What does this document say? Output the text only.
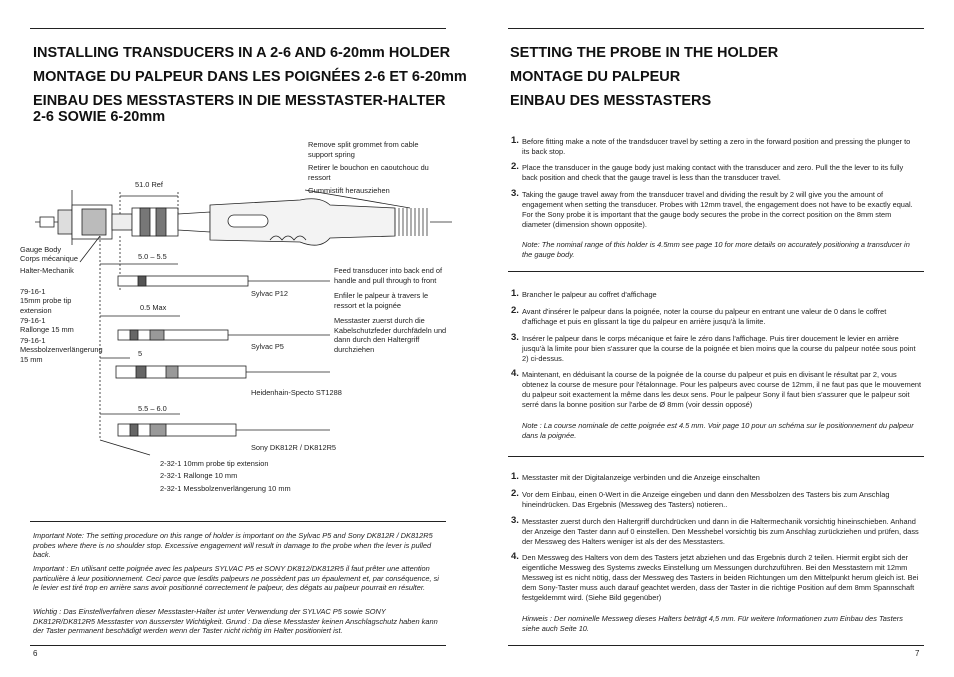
INSTALLING TRANSDUCERS IN A 2-6 AND 6-20mm HOLDER
MONTAGE DU PALPEUR DANS LES POIGNÉES 2-6 ET 6-20mm
EINBAU DES MESSTASTERS IN DIE MESSTASTER-HALTER
2-6 SOWIE 6-20mm
Remove split grommet from cable support spring
Retirer le bouchon en caoutchouc du ressort
Gummistift herausziehen
51.0 Ref
Gauge Body
Corps mécanique
Halter-Mechanik
5.0 – 5.5
Feed transducer into back end of handle and pull through to front
Enfiler le palpeur à travers le ressort et la poignée
Messtaster zuerst durch die Kabelschutzfeder durchfädeln und dann durch den Haltergriff durchziehen
79-16-1
15mm probe tip extension
79-16-1
Rallonge 15 mm
79-16-1
Messbolzenverlängerung 15 mm
Sylvac P12
0.5 Max
Sylvac P5
5
Heidenhain-Specto ST1288
5.5 – 6.0
Sony DK812R / DK812R5
2-32-1 10mm probe tip extension
2-32-1 Rallonge 10 mm
2-32-1 Messbolzenverlängerung 10 mm
Important Note: The setting procedure on this range of holder is important on the Sylvac P5 and Sony DK812R / DK812R5 probes where there is no shoulder stop. Excessive engagement will result in damage to the probe when the lever is pulled back.
Important : En utilisant cette poignée avec les palpeurs SYLVAC P5 et SONY DK812/DK812R5 il faut prêter une attention particulière à leur positionnement. Ceci parce que lesdits palpeurs ne possèdent pas un épaulement et, par conséquence, si le levier est tiré trop en arrière sans avoir positionné correctement le palpeur, des dégats au palpeur pourrait en résulter.
Wichtig : Das Einstellverfahren dieser Messtaster-Halter ist unter Verwendung der SYLVAC P5 sowie SONY DK812R/DK812R5 Messtaster von äusserster Wichtigkeit. Grund : Da diese Messtaster keinen Anschlagschutz haben kann der Taster permanent beschädigt werden wenn der Taster nicht richtig im Halter positioniert ist.
6
SETTING THE PROBE IN THE HOLDER
MONTAGE DU PALPEUR
EINBAU DES MESSTASTERS
1. Before fitting make a note of the trandsducer travel by setting a zero in the forward position and pressing the plunger to its back stop.
2. Place the transducer in the gauge body just making contact with the transducer and zero. Pull the the lever to its fully back position and check that the gauge travel is less than the transducer travel.
3. Taking the gauge travel away from the transducer travel and dividing the result by 2 will give you the amount of engagement when setting the transducer. Probes with 12mm travel, the engagement does not have to be exactly equal. For the Sony probe it is important that the gauge body secures the probe in the correct position on the 8mm stem diameter (dimension shown opposite).
Note: The nominal range of this holder is 4.5mm see page 10 for more details on accurately positioning a transducer in the gauge body.
1. Brancher le palpeur au coffret d'affichage
2. Avant d'insérer le palpeur dans la poignée, noter la course du palpeur en entrant une valeur de 0 dans le coffret d'affichage et puis en glissant la tige du palpeur en arrière jusqu'à la limite.
3. Insérer le palpeur dans le corps mécanique et faire le zéro dans l'affichage. Puis tirer doucement le levier en arrière jusqu'à la limite pour bien s'assurer que la course de la poignée et bien moins que la course du palpeur notée sous point 2) ci-dessus.
4. Maintenant, en déduisant la course de la poignée de la course du palpeur et puis en divisant le résultat par 2, vous obtenez la course de mesure pour l'étalonnage. Pour les palpeurs avec course de 12mm, il ne faut pas que le mouvement du palpeur soit exactement la même dans les deux sens. Pour le palpeur Sony il faut bien s'assurer que le palpeur soit serré dans la bonne position sur l'arbe de Ø 8mm (voir dessin opposé)
Note : La course nominale de cette poignée est 4.5 mm. Voir page 10 pour un schéma sur le positionnement du palpeur dans la poignée.
1. Messtaster mit der Digitalanzeige verbinden und die Anzeige einschalten
2. Vor dem Einbau, einen 0-Wert in die Anzeige eingeben und dann den Messbolzen des Tasters bis zum Anschlag hineindrücken. Das Ergebnis (Messweg des Tasters) notieren..
3. Messtaster zuerst durch den Haltergriff durchdrücken und dann in die Haltermechanik vorsichtig hineinschieben. Anhand der Anzeige den Taster dann auf 0 einstellen. Den Messhebel vorsichtig bis zum Anschlag zurückziehen und prüfen, dass der Messweg des Halters weniger ist als der des Messtasters.
4. Den Messweg des Halters von dem des Tasters jetzt abziehen und das Ergebnis durch 2 teilen. Hiermit ergibt sich der eigentliche Messweg des Systems zwecks Einstellung um Messungen durchzuführen. Bei den Messtastern mit 12mm Messweg ist es nicht nötig, dass der Messweg des Tasters in beiden Richtungen um den Mittelpunkt herum gleich ist. Bei dem Sony-Taster muss auch darauf geachtet werden, dass der Taster in die richtige Position auf dem 8mm Spannschaft festgeklemmt wird. (Siehe Bild gegenüber)
Hinweis : Der nominelle Messweg dieses Halters beträgt 4,5 mm. Für weitere Informationen zum Einbau des Tasters siehe auch Seite 10.
7
